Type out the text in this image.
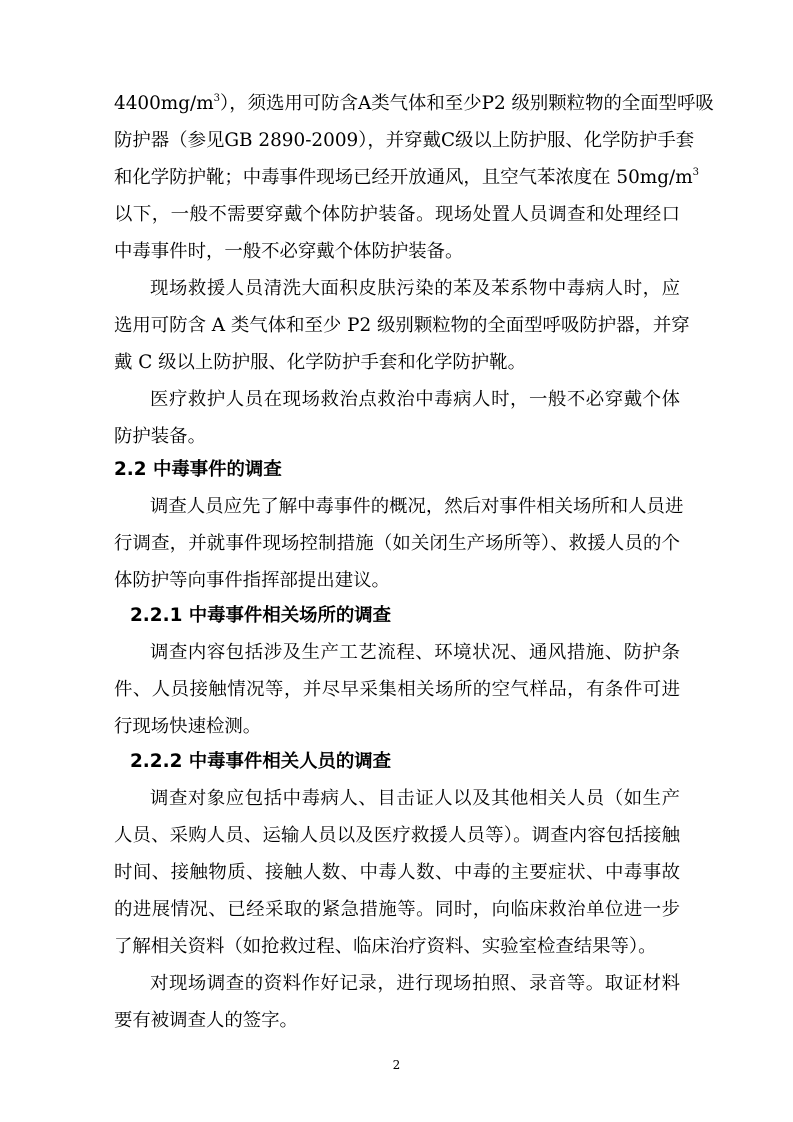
$4400mg/m^3$），须选用可防含A类气体和至少P2 级别颗粒物的全面型呼吸
防护器（参见GB 2890-2009），并穿戴C级以上防护服、化学防护手套
和化学防护靴；中毒事件现场已经开放通风，且空气苯浓度在 $50mg/m^3$
以下，一般不需要穿戴个体防护装备。现场处置人员调查和处理经口
中毒事件时，一般不必穿戴个体防护装备。
现场救援人员清洗大面积皮肤污染的苯及苯系物中毒病人时，应
选用可防含 A 类气体和至少 P2 级别颗粒物的全面型呼吸防护器，并穿
戴 C 级以上防护服、化学防护手套和化学防护靴。
医疗救护人员在现场救治点救治中毒病人时，一般不必穿戴个体
防护装备。
2.2 中毒事件的调查
调查人员应先了解中毒事件的概况，然后对事件相关场所和人员进
行调查，并就事件现场控制措施（如关闭生产场所等）、救援人员的个
体防护等向事件指挥部提出建议。
2.2.1 中毒事件相关场所的调查
调查内容包括涉及生产工艺流程、环境状况、通风措施、防护条
件、人员接触情况等，并尽早采集相关场所的空气样品，有条件可进
行现场快速检测。
2.2.2 中毒事件相关人员的调查
调查对象应包括中毒病人、目击证人以及其他相关人员（如生产
人员、采购人员、运输人员以及医疗救援人员等）。调查内容包括接触
时间、接触物质、接触人数、中毒人数、中毒的主要症状、中毒事故
的进展情况、已经采取的紧急措施等。同时，向临床救治单位进一步
了解相关资料（如抢救过程、临床治疗资料、实验室检查结果等）。
对现场调查的资料作好记录，进行现场拍照、录音等。取证材料
要有被调查人的签字。
2
